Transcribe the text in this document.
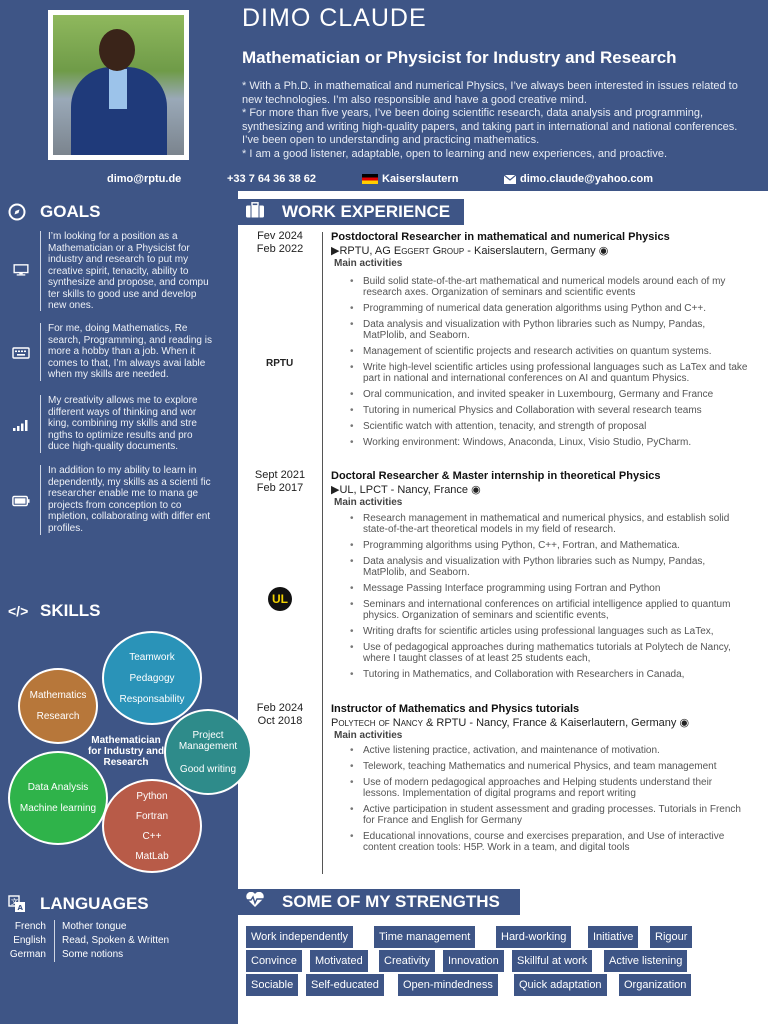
DIMO CLAUDE
Mathematician or Physicist for Industry and Research

* With a Ph.D. in mathematical and numerical Physics, I’ve always been interested in issues related to new technologies. I’m also responsible and have a good creative mind.

* For more than five years, I’ve been doing scientific research, data analysis and programming, synthesizing and writing high-quality papers, and taking part in international and national conferences. I’ve been open to understanding and practicing mathematics.

* I am a good listener, adaptable, open to learning and new experiences, and proactive.

dimo@rptu.de	+33 7 64 36 38 62	Kaiserslautern	dimo.claude@yahoo.com
GOALS
I’m looking for a position as a Mathematician or a Physicist for industry and research to put my creative spirit, tenacity, ability to synthesize and propose, and compu ter skills to good use and develop new ones.
For me, doing Mathematics, Re search, Programming, and reading is more a hobby than a job. When it comes to that, I’m always avai lable when my skills are needed.
My creativity allows me to explore different ways of thinking and wor king, combining my skills and stre ngths to optimize results and pro duce high-quality documents.
In addition to my ability to learn in dependently, my skills as a scienti fic researcher enable me to mana ge projects from conception to co mpletion, collaborating with differ ent profiles.
</> SKILLS
Teamwork
Pedagogy
Responsability
Mathematics
Research
Project Management
Good writing
Data Analysis
Machine learning
Python
Fortran
C++
MatLab
Mathematician for Industry and Research
文
A LANGUAGES
French Mother tongue
English Read, Spoken & Written
German Some notions
WORK EXPERIENCE
Fev 2024
Feb 2022
RPTU
Postdoctoral Researcher in mathematical and numerical Physics
▶︎RPTU, AG Eggert Group - Kaiserslautern, Germany ◉
Main activities
• Build solid state-of-the-art mathematical and numerical models around each of my research axes. Organization of seminars and scientific events
• Programming of numerical data generation algorithms using Python and C++.
• Data analysis and visualization with Python libraries such as Numpy, Pandas, MatPlolib, and Seaborn.
• Management of scientific projects and research activities on quantum systems.
• Write high-level scientific articles using professional languages such as LaTex and take part in national and international conferences on AI and quantum Physics.
• Oral communication, and invited speaker in Luxembourg, Germany and France
• Tutoring in numerical Physics and Collaboration with several research teams
• Scientific watch with attention, tenacity, and strength of proposal
• Working environment: Windows, Anaconda, Linux, Visio Studio, PyCharm.
Sept 2021
Feb 2017
UL
Doctoral Researcher & Master internship in theoretical Physics
▶︎UL, LPCT - Nancy, France ◉
Main activities
• Research management in mathematical and numerical physics, and establish solid state-of-the-art theoretical models in my field of research.
• Programming algorithms using Python, C++, Fortran, and Mathematica.
• Data analysis and visualization with Python libraries such as Numpy, Pandas, MatPlolib, and Seaborn.
• Message Passing Interface programming using Fortran and Python
• Seminars and international conferences on artificial intelligence applied to quantum physics. Organization of seminars and scientific events,
• Writing drafts for scientific articles using professional languages such as LaTex,
• Use of pedagogical approaches during mathematics tutorials at Polytech de Nancy, where I taught classes of at least 25 students each,
• Tutoring in Mathematics, and Collaboration with Researchers in Canada,
Feb 2024
Oct 2018
Instructor of Mathematics and Physics tutorials
Polytech of Nancy & RPTU - Nancy, France & Kaiserlautern, Germany ◉
Main activities
• Active listening practice, activation, and maintenance of motivation.
• Telework, teaching Mathematics and numerical Physics, and team management
• Use of modern pedagogical approaches and Helping students understand their lessons. Implementation of digital programs and report writing
• Active participation in student assessment and grading processes. Tutorials in French for France and English for Germany
• Educational innovations, course and exercises preparation, and Use of interactive content creation tools: H5P. Work in a team, and digital tools
SOME OF MY STRENGTHS
Work independently	Time management	Hard-working	Initiative	Rigour
Convince	Motivated	Creativity	Innovation	Skillful at work	Active listening
Sociable	Self-educated	Open-mindedness	Quick adaptation	Organization
